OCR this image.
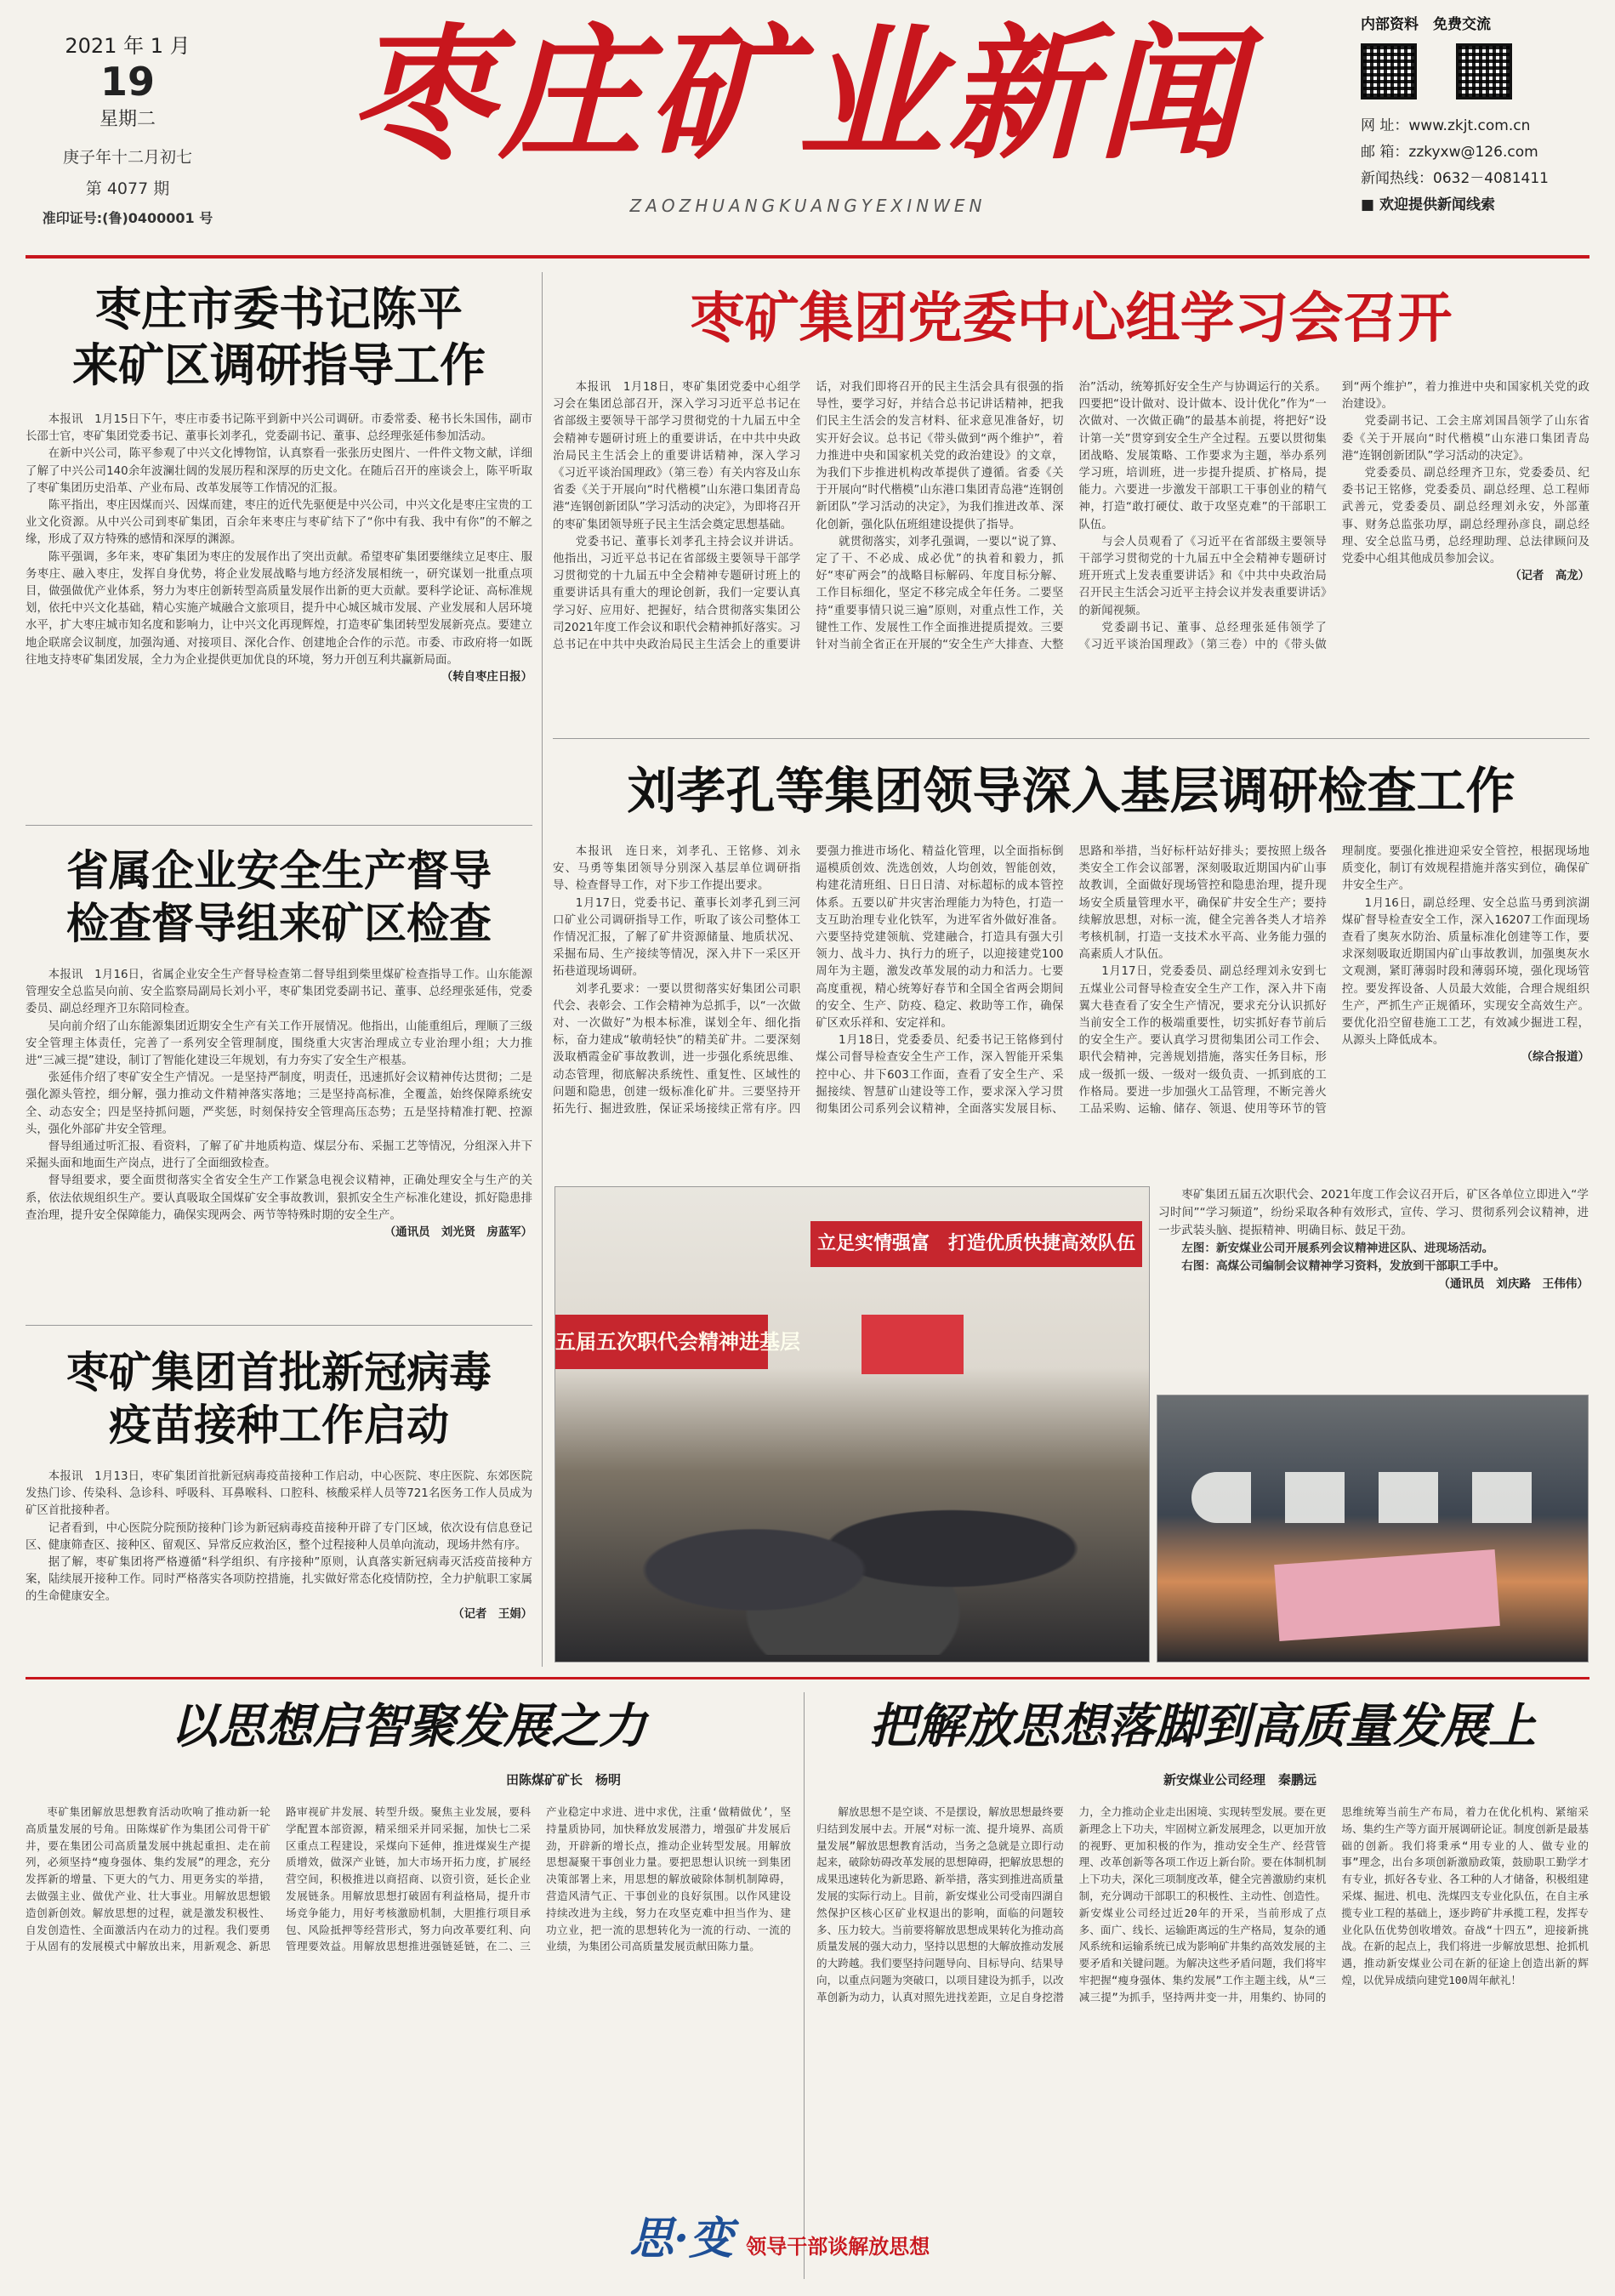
2021 年 1 月
19
星期二
庚子年十二月初七
第 4077 期
准印证号:(鲁)0400001 号
枣庄矿业新闻
ZAOZHUANGKUANGYEXINWEN
内部资料　免费交流
网 址：www.zkjt.com.cn
邮 箱：zzkyxw@126.com
新闻热线：0632－4081411
■ 欢迎提供新闻线索
枣庄市委书记陈平
来矿区调研指导工作

本报讯　1月15日下午，枣庄市委书记陈平到新中兴公司调研。市委常委、秘书长朱国伟，副市长邵士官，枣矿集团党委书记、董事长刘孝孔，党委副书记、董事、总经理张延伟参加活动。

在新中兴公司，陈平参观了中兴文化博物馆，认真察看一张张历史图片、一件件文物文献，详细了解了中兴公司140余年波澜壮阔的发展历程和深厚的历史文化。在随后召开的座谈会上，陈平听取了枣矿集团历史沿革、产业布局、改革发展等工作情况的汇报。

陈平指出，枣庄因煤而兴、因煤而建，枣庄的近代先驱便是中兴公司，中兴文化是枣庄宝贵的工业文化资源。从中兴公司到枣矿集团，百余年来枣庄与枣矿结下了“你中有我、我中有你”的不解之缘，形成了双方特殊的感情和深厚的渊源。

陈平强调，多年来，枣矿集团为枣庄的发展作出了突出贡献。希望枣矿集团要继续立足枣庄、服务枣庄、融入枣庄，发挥自身优势，将企业发展战略与地方经济发展相统一，研究谋划一批重点项目，做强做优产业体系，努力为枣庄创新转型高质量发展作出新的更大贡献。要科学论证、高标准规划，依托中兴文化基础，精心实施产城融合文旅项目，提升中心城区城市发展、产业发展和人居环境水平，扩大枣庄城市知名度和影响力，让中兴文化再现辉煌，打造枣矿集团转型发展新亮点。要建立地企联席会议制度，加强沟通、对接项目、深化合作、创建地企合作的示范。市委、市政府将一如既往地支持枣矿集团发展，全力为企业提供更加优良的环境，努力开创互利共赢新局面。

（转自枣庄日报）

枣矿集团党委中心组学习会召开

本报讯　1月18日，枣矿集团党委中心组学习会在集团总部召开，深入学习习近平总书记在省部级主要领导干部学习贯彻党的十九届五中全会精神专题研讨班上的重要讲话，在中共中央政治局民主生活会上的重要讲话精神，深入学习《习近平谈治国理政》（第三卷）有关内容及山东省委《关于开展向“时代楷模”山东港口集团青岛港“连钢创新团队”学习活动的决定》，为即将召开的枣矿集团领导班子民主生活会奠定思想基础。

党委书记、董事长刘孝孔主持会议并讲话。他指出，习近平总书记在省部级主要领导干部学习贯彻党的十九届五中全会精神专题研讨班上的重要讲话具有重大的理论创新，我们一定要认真学习好、应用好、把握好，结合贯彻落实集团公司2021年度工作会议和职代会精神抓好落实。习总书记在中共中央政治局民主生活会上的重要讲话，对我们即将召开的民主生活会具有很强的指导性，要学习好，并结合总书记讲话精神，把我们民主生活会的发言材料、征求意见准备好，切实开好会议。总书记《带头做到“两个维护”，着力推进中央和国家机关党的政治建设》的文章，为我们下步推进机构改革提供了遵循。省委《关于开展向“时代楷模”山东港口集团青岛港“连钢创新团队”学习活动的决定》，为我们推进改革、深化创新，强化队伍班组建设提供了指导。

就贯彻落实，刘孝孔强调，一要以“说了算、定了干、不必成、成必优”的执着和毅力，抓好“枣矿两会”的战略目标解码、年度目标分解、工作目标细化，坚定不移完成全年任务。二要坚持“重要事情只说三遍”原则，对重点性工作，关键性工作、发展性工作全面推进提质提效。三要针对当前全省正在开展的“安全生产大排查、大整治”活动，统筹抓好安全生产与协调运行的关系。四要把“设计做对、设计做本、设计优化”作为“一次做对、一次做正确”的最基本前提，将把好“设计第一关”贯穿到安全生产全过程。五要以贯彻集团战略、发展策略、工作要求为主题，举办系列学习班，培训班，进一步提升提质、扩格局，提能力。六要进一步激发干部职工干事创业的精气神，打造“敢打硬仗、敢于攻坚克难”的干部职工队伍。

与会人员观看了《习近平在省部级主要领导干部学习贯彻党的十九届五中全会精神专题研讨班开班式上发表重要讲话》和《中共中央政治局召开民主生活会习近平主持会议并发表重要讲话》的新闻视频。

党委副书记、董事、总经理张延伟领学了《习近平谈治国理政》（第三卷）中的《带头做到“两个维护”，着力推进中央和国家机关党的政治建设》。

党委副书记、工会主席刘国昌领学了山东省委《关于开展向“时代楷模”山东港口集团青岛港“连钢创新团队”学习活动的决定》。

党委委员、副总经理齐卫东，党委委员、纪委书记王铭修，党委委员、副总经理、总工程师武善元，党委委员、副总经理刘永安，外部董事、财务总监张功厚，副总经理孙彦良，副总经理、安全总监马勇，总经理助理、总法律顾问及党委中心组其他成员参加会议。

（记者　高龙）

刘孝孔等集团领导深入基层调研检查工作

本报讯　连日来，刘孝孔、王铭修、刘永安、马勇等集团领导分别深入基层单位调研指导、检查督导工作，对下步工作提出要求。

1月17日，党委书记、董事长刘孝孔到三河口矿业公司调研指导工作，听取了该公司整体工作情况汇报，了解了矿井资源储量、地质状况、采掘布局、生产接续等情况，深入井下一采区开拓巷道现场调研。

刘孝孔要求：一要以贯彻落实好集团公司职代会、表彰会、工作会精神为总抓手，以“一次做对、一次做好”为根本标准，谋划全年、细化指标，奋力建成“敏萌轻快”的精美矿井。二要深刻汲取栖霞金矿事故教训，进一步强化系统思维、动态管理，彻底解决系统性、重复性、区域性的问题和隐患，创建一级标准化矿井。三要坚持开拓先行、掘进致胜，保证采场接续正常有序。四要强力推进市场化、精益化管理，以全面指标倒逼模质创效、洗选创效，人均创效，智能创效，构建花清班组、日日日清、对标超标的成本管控体系。五要以矿井灾害治理能力为特色，打造一支互助治理专业化铁军，为进军省外做好准备。六要坚持党建领航、党建融合，打造具有强大引领力、战斗力、执行力的班子，以迎接建党100周年为主题，激发改革发展的动力和活力。七要高度重视，精心统筹好春节和全国全省两会期间的安全、生产、防疫、稳定、救助等工作，确保矿区欢乐祥和、安定祥和。

1月18日，党委委员、纪委书记王铭修到付煤公司督导检查安全生产工作，深入智能开采集控中心、井下603工作面，查看了安全生产、采掘接续、智慧矿山建设等工作，要求深入学习贯彻集团公司系列会议精神，全面落实发展目标、思路和举措，当好标杆站好排头；要按照上级各类安全工作会议部署，深刻吸取近期国内矿山事故教训，全面做好现场管控和隐患治理，提升现场安全质量管理水平，确保矿井安全生产；要持续解放思想，对标一流，健全完善各类人才培养考核机制，打造一支技术水平高、业务能力强的高素质人才队伍。

1月17日，党委委员、副总经理刘永安到七五煤业公司督导检查安全生产工作，深入井下南翼大巷查看了安全生产情况，要求充分认识抓好当前安全工作的极端重要性，切实抓好春节前后的安全生产。要认真学习贯彻集团公司工作会、职代会精神，完善规划措施，落实任务目标，形成一级抓一级、一级对一级负责、一抓到底的工作格局。要进一步加强火工品管理，不断完善火工品采购、运输、储存、领退、使用等环节的管理制度。要强化推进迎采安全管控，根据现场地质变化，制订有效规程措施并落实到位，确保矿井安全生产。

1月16日，副总经理、安全总监马勇到滨湖煤矿督导检查安全工作，深入16207工作面现场查看了奥灰水防治、质量标准化创建等工作，要求深刻吸取近期国内矿山事故教训，加强奥灰水文观测，紧盯薄弱时段和薄弱环境，强化现场管控。要发挥设备、人员最大效能，合理合规组织生产，严抓生产正规循环，实现安全高效生产。要优化沿空留巷施工工艺，有效减少掘进工程，从源头上降低成本。

（综合报道）

省属企业安全生产督导
检查督导组来矿区检查

本报讯　1月16日，省属企业安全生产督导检查第二督导组到柴里煤矿检查指导工作。山东能源管理安全总监吴向前、安全监察局副局长刘小平，枣矿集团党委副书记、董事、总经理张延伟，党委委员、副总经理齐卫东陪同检查。

吴向前介绍了山东能源集团近期安全生产有关工作开展情况。他指出，山能重组后，理顺了三级安全管理主体责任，完善了一系列安全管理制度，围绕重大灾害治理成立专业治理小组；大力推进“三减三提”建设，制订了智能化建设三年规划，有力夯实了安全生产根基。

张延伟介绍了枣矿安全生产情况。一是坚持严制度，明责任，迅速抓好会议精神传达贯彻；二是强化源头管控，细分解，强力推动文件精神落实落地；三是坚持高标准，全覆盖，始终保障系统安全、动态安全；四是坚持抓问题，严奖惩，时刻保持安全管理高压态势；五是坚持精准打靶、控源头，强化外部矿井安全管理。

督导组通过听汇报、看资料，了解了矿井地质构造、煤层分布、采掘工艺等情况，分组深入井下采掘头面和地面生产岗点，进行了全面细致检查。

督导组要求，要全面贯彻落实全省安全生产工作紧急电视会议精神，正确处理安全与生产的关系，依法依规组织生产。要认真吸取全国煤矿安全事故教训，狠抓安全生产标准化建设，抓好隐患排查治理，提升安全保障能力，确保实现两会、两节等特殊时期的安全生产。

（通讯员　刘光贤　房蓝军）

枣矿集团首批新冠病毒
疫苗接种工作启动

本报讯　1月13日，枣矿集团首批新冠病毒疫苗接种工作启动，中心医院、枣庄医院、东郊医院发热门诊、传染科、急诊科、呼吸科、耳鼻喉科、口腔科、核酸采样人员等721名医务工作人员成为矿区首批接种者。

记者看到，中心医院分院预防接种门诊为新冠病毒疫苗接种开辟了专门区域，依次设有信息登记区、健康筛查区、接种区、留观区、异常反应救治区，整个过程接种人员单向流动，现场井然有序。

据了解，枣矿集团将严格遵循“科学组织、有序接种”原则，认真落实新冠病毒灭活疫苗接种方案，陆续展开接种工作。同时严格落实各项防控措施，扎实做好常态化疫情防控，全力护航职工家属的生命健康安全。

（记者　王娟）

立足实情强富　打造优质快捷高效队伍
五届五次职代会精神进基层

枣矿集团五届五次职代会、2021年度工作会议召开后，矿区各单位立即进入“学习时间”“学习频道”，纷纷采取各种有效形式，宣传、学习、贯彻系列会议精神，进一步武装头脑、提振精神、明确目标、鼓足干劲。

左图：新安煤业公司开展系列会议精神进区队、进现场活动。

右图：高煤公司编制会议精神学习资料，发放到干部职工手中。

（通讯员　刘庆路　王伟伟）

以思想启智聚发展之力
田陈煤矿矿长　杨明

枣矿集团解放思想教育活动吹响了推动新一轮高质量发展的号角。田陈煤矿作为集团公司骨干矿井，要在集团公司高质量发展中挑起重担、走在前列，必须坚持“瘦身强体、集约发展”的理念，充分发挥新的增量、下更大的气力、用更务实的举措，去做强主业、做优产业、壮大事业。用解放思想锻造创新创效。解放思想的过程，就是激发积极性、自发创造性、全面激活内在动力的过程。我们要勇于从固有的发展模式中解放出来，用新观念、新思路审视矿井发展、转型升级。聚焦主业发展，要科学配置本部资源，精采细采并同采掘，加快七二采区重点工程建设，采煤向下延伸，推进煤炭生产提质增效，做深产业链，加大市场开拓力度，扩展经营空间，积极推进以商招商、以资引资，延长企业发展链条。用解放思想打破固有利益格局，提升市场竞争能力，用好考核激励机制，大胆推行项目承包、风险抵押等经营形式，努力向改革要红利、向管理要效益。用解放思想推进强链延链，在二、三产业稳定中求进、进中求优，注重‘做精做优’，坚持量质协同，加快释放发展潜力，增强矿井发展后劲，开辟新的增长点，推动企业转型发展。用解放思想凝聚干事创业力量。要把思想认识统一到集团决策部署上来，用思想的解放破除体制机制障碍，营造风清气正、干事创业的良好氛围。以作风建设持续改进为主线，努力在攻坚克难中担当作为、建功立业，把一流的思想转化为一流的行动、一流的业绩，为集团公司高质量发展贡献田陈力量。

把解放思想落脚到高质量发展上
新安煤业公司经理　秦鹏远

解放思想不是空谈、不是摆设，解放思想最终要归结到发展中去。开展“对标一流、提升境界、高质量发展”解放思想教育活动，当务之急就是立即行动起来，破除妨碍改革发展的思想障碍，把解放思想的成果迅速转化为新思路、新举措，落实到推进高质量发展的实际行动上。目前，新安煤业公司受南四湖自然保护区核心区矿业权退出的影响，面临的问题较多、压力较大。当前要将解放思想成果转化为推动高质量发展的强大动力，坚持以思想的大解放推动发展的大跨越。我们要坚持问题导向、目标导向、结果导向，以重点问题为突破口，以项目建设为抓手，以改革创新为动力，认真对照先进找差距，立足自身挖潜力，全力推动企业走出困境、实现转型发展。要在更新理念上下功夫，牢固树立新发展理念，以更加开放的视野、更加积极的作为，推动安全生产、经营管理、改革创新等各项工作迈上新台阶。要在体制机制上下功夫，深化三项制度改革，健全完善激励约束机制，充分调动干部职工的积极性、主动性、创造性。新安煤业公司经过近20年的开采，当前形成了点多、面广、线长、运输距离远的生产格局，复杂的通风系统和运输系统已成为影响矿井集约高效发展的主要矛盾和关键问题。为解决这些矛盾问题，我们将牢牢把握“瘦身强体、集约发展”工作主题主线，从“三减三提”为抓手，坚持两井变一井，用集约、协同的思维统筹当前生产布局，着力在优化机构、紧缩采场、集约生产等方面开展调研论证。制度创新是最基础的创新。我们将秉承“用专业的人、做专业的事”理念，出台多项创新激励政策，鼓励职工勤学才有专业，抓好各专业、各工种的人才储备，积极组建采煤、掘进、机电、洗煤四支专业化队伍，在自主承揽专业工程的基础上，逐步跨矿井承揽工程，发挥专业化队伍优势创收增效。奋战“十四五”，迎接新挑战。在新的起点上，我们将进一步解放思想、抢抓机遇，推动新安煤业公司在新的征途上创造出新的辉煌，以优异成绩向建党100周年献礼！

思·变 领导干部谈解放思想
